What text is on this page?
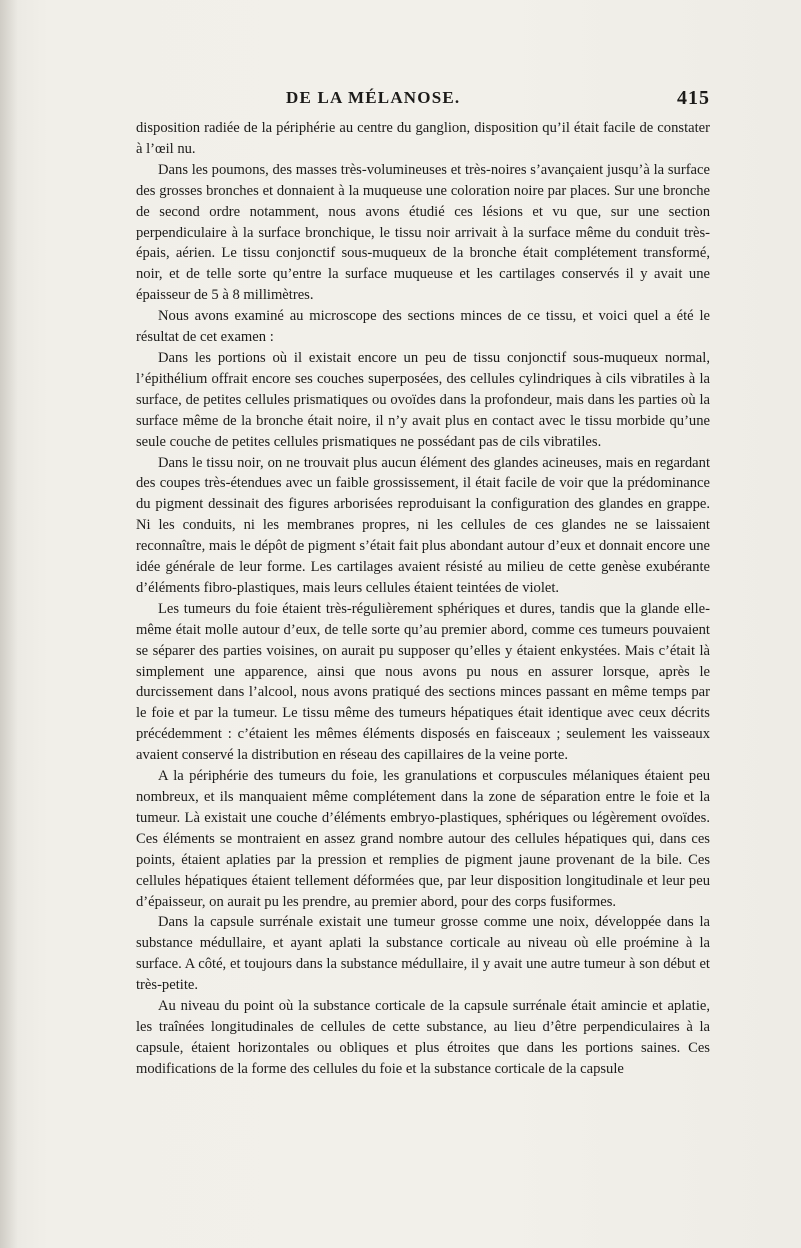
DE LA MÉLANOSE.	415

disposition radiée de la périphérie au centre du ganglion, disposition qu’il était facile de constater à l’œil nu.

Dans les poumons, des masses très-volumineuses et très-noires s’avançaient jusqu’à la surface des grosses bronches et donnaient à la muqueuse une coloration noire par places. Sur une bronche de second ordre notamment, nous avons étudié ces lésions et vu que, sur une section perpendiculaire à la surface bronchique, le tissu noir arrivait à la surface même du conduit très-épais, aérien. Le tissu conjonctif sous-muqueux de la bronche était complétement transformé, noir, et de telle sorte qu’entre la surface muqueuse et les cartilages conservés il y avait une épaisseur de 5 à 8 millimètres.

Nous avons examiné au microscope des sections minces de ce tissu, et voici quel a été le résultat de cet examen :

Dans les portions où il existait encore un peu de tissu conjonctif sous-muqueux normal, l’épithélium offrait encore ses couches superposées, des cellules cylindriques à cils vibratiles à la surface, de petites cellules prismatiques ou ovoïdes dans la profondeur, mais dans les parties où la surface même de la bronche était noire, il n’y avait plus en contact avec le tissu morbide qu’une seule couche de petites cellules prismatiques ne possédant pas de cils vibratiles.

Dans le tissu noir, on ne trouvait plus aucun élément des glandes acineuses, mais en regardant des coupes très-étendues avec un faible grossissement, il était facile de voir que la prédominance du pigment dessinait des figures arborisées reproduisant la configuration des glandes en grappe. Ni les conduits, ni les membranes propres, ni les cellules de ces glandes ne se laissaient reconnaître, mais le dépôt de pigment s’était fait plus abondant autour d’eux et donnait encore une idée générale de leur forme. Les cartilages avaient résisté au milieu de cette genèse exubérante d’éléments fibro-plastiques, mais leurs cellules étaient teintées de violet.

Les tumeurs du foie étaient très-régulièrement sphériques et dures, tandis que la glande elle-même était molle autour d’eux, de telle sorte qu’au premier abord, comme ces tumeurs pouvaient se séparer des parties voisines, on aurait pu supposer qu’elles y étaient enkystées. Mais c’était là simplement une apparence, ainsi que nous avons pu nous en assurer lorsque, après le durcissement dans l’alcool, nous avons pratiqué des sections minces passant en même temps par le foie et par la tumeur. Le tissu même des tumeurs hépatiques était identique avec ceux décrits précédemment : c’étaient les mêmes éléments disposés en faisceaux ; seulement les vaisseaux avaient conservé la distribution en réseau des capillaires de la veine porte.

A la périphérie des tumeurs du foie, les granulations et corpuscules mélaniques étaient peu nombreux, et ils manquaient même complétement dans la zone de séparation entre le foie et la tumeur. Là existait une couche d’éléments embryo-plastiques, sphériques ou légèrement ovoïdes. Ces éléments se montraient en assez grand nombre autour des cellules hépatiques qui, dans ces points, étaient aplaties par la pression et remplies de pigment jaune provenant de la bile. Ces cellules hépatiques étaient tellement déformées que, par leur disposition longitudinale et leur peu d’épaisseur, on aurait pu les prendre, au premier abord, pour des corps fusiformes.

Dans la capsule surrénale existait une tumeur grosse comme une noix, développée dans la substance médullaire, et ayant aplati la substance corticale au niveau où elle proémine à la surface. A côté, et toujours dans la substance médullaire, il y avait une autre tumeur à son début et très-petite.

Au niveau du point où la substance corticale de la capsule surrénale était amincie et aplatie, les traînées longitudinales de cellules de cette substance, au lieu d’être perpendiculaires à la capsule, étaient horizontales ou obliques et plus étroites que dans les portions saines. Ces modifications de la forme des cellules du foie et la substance corticale de la capsule
